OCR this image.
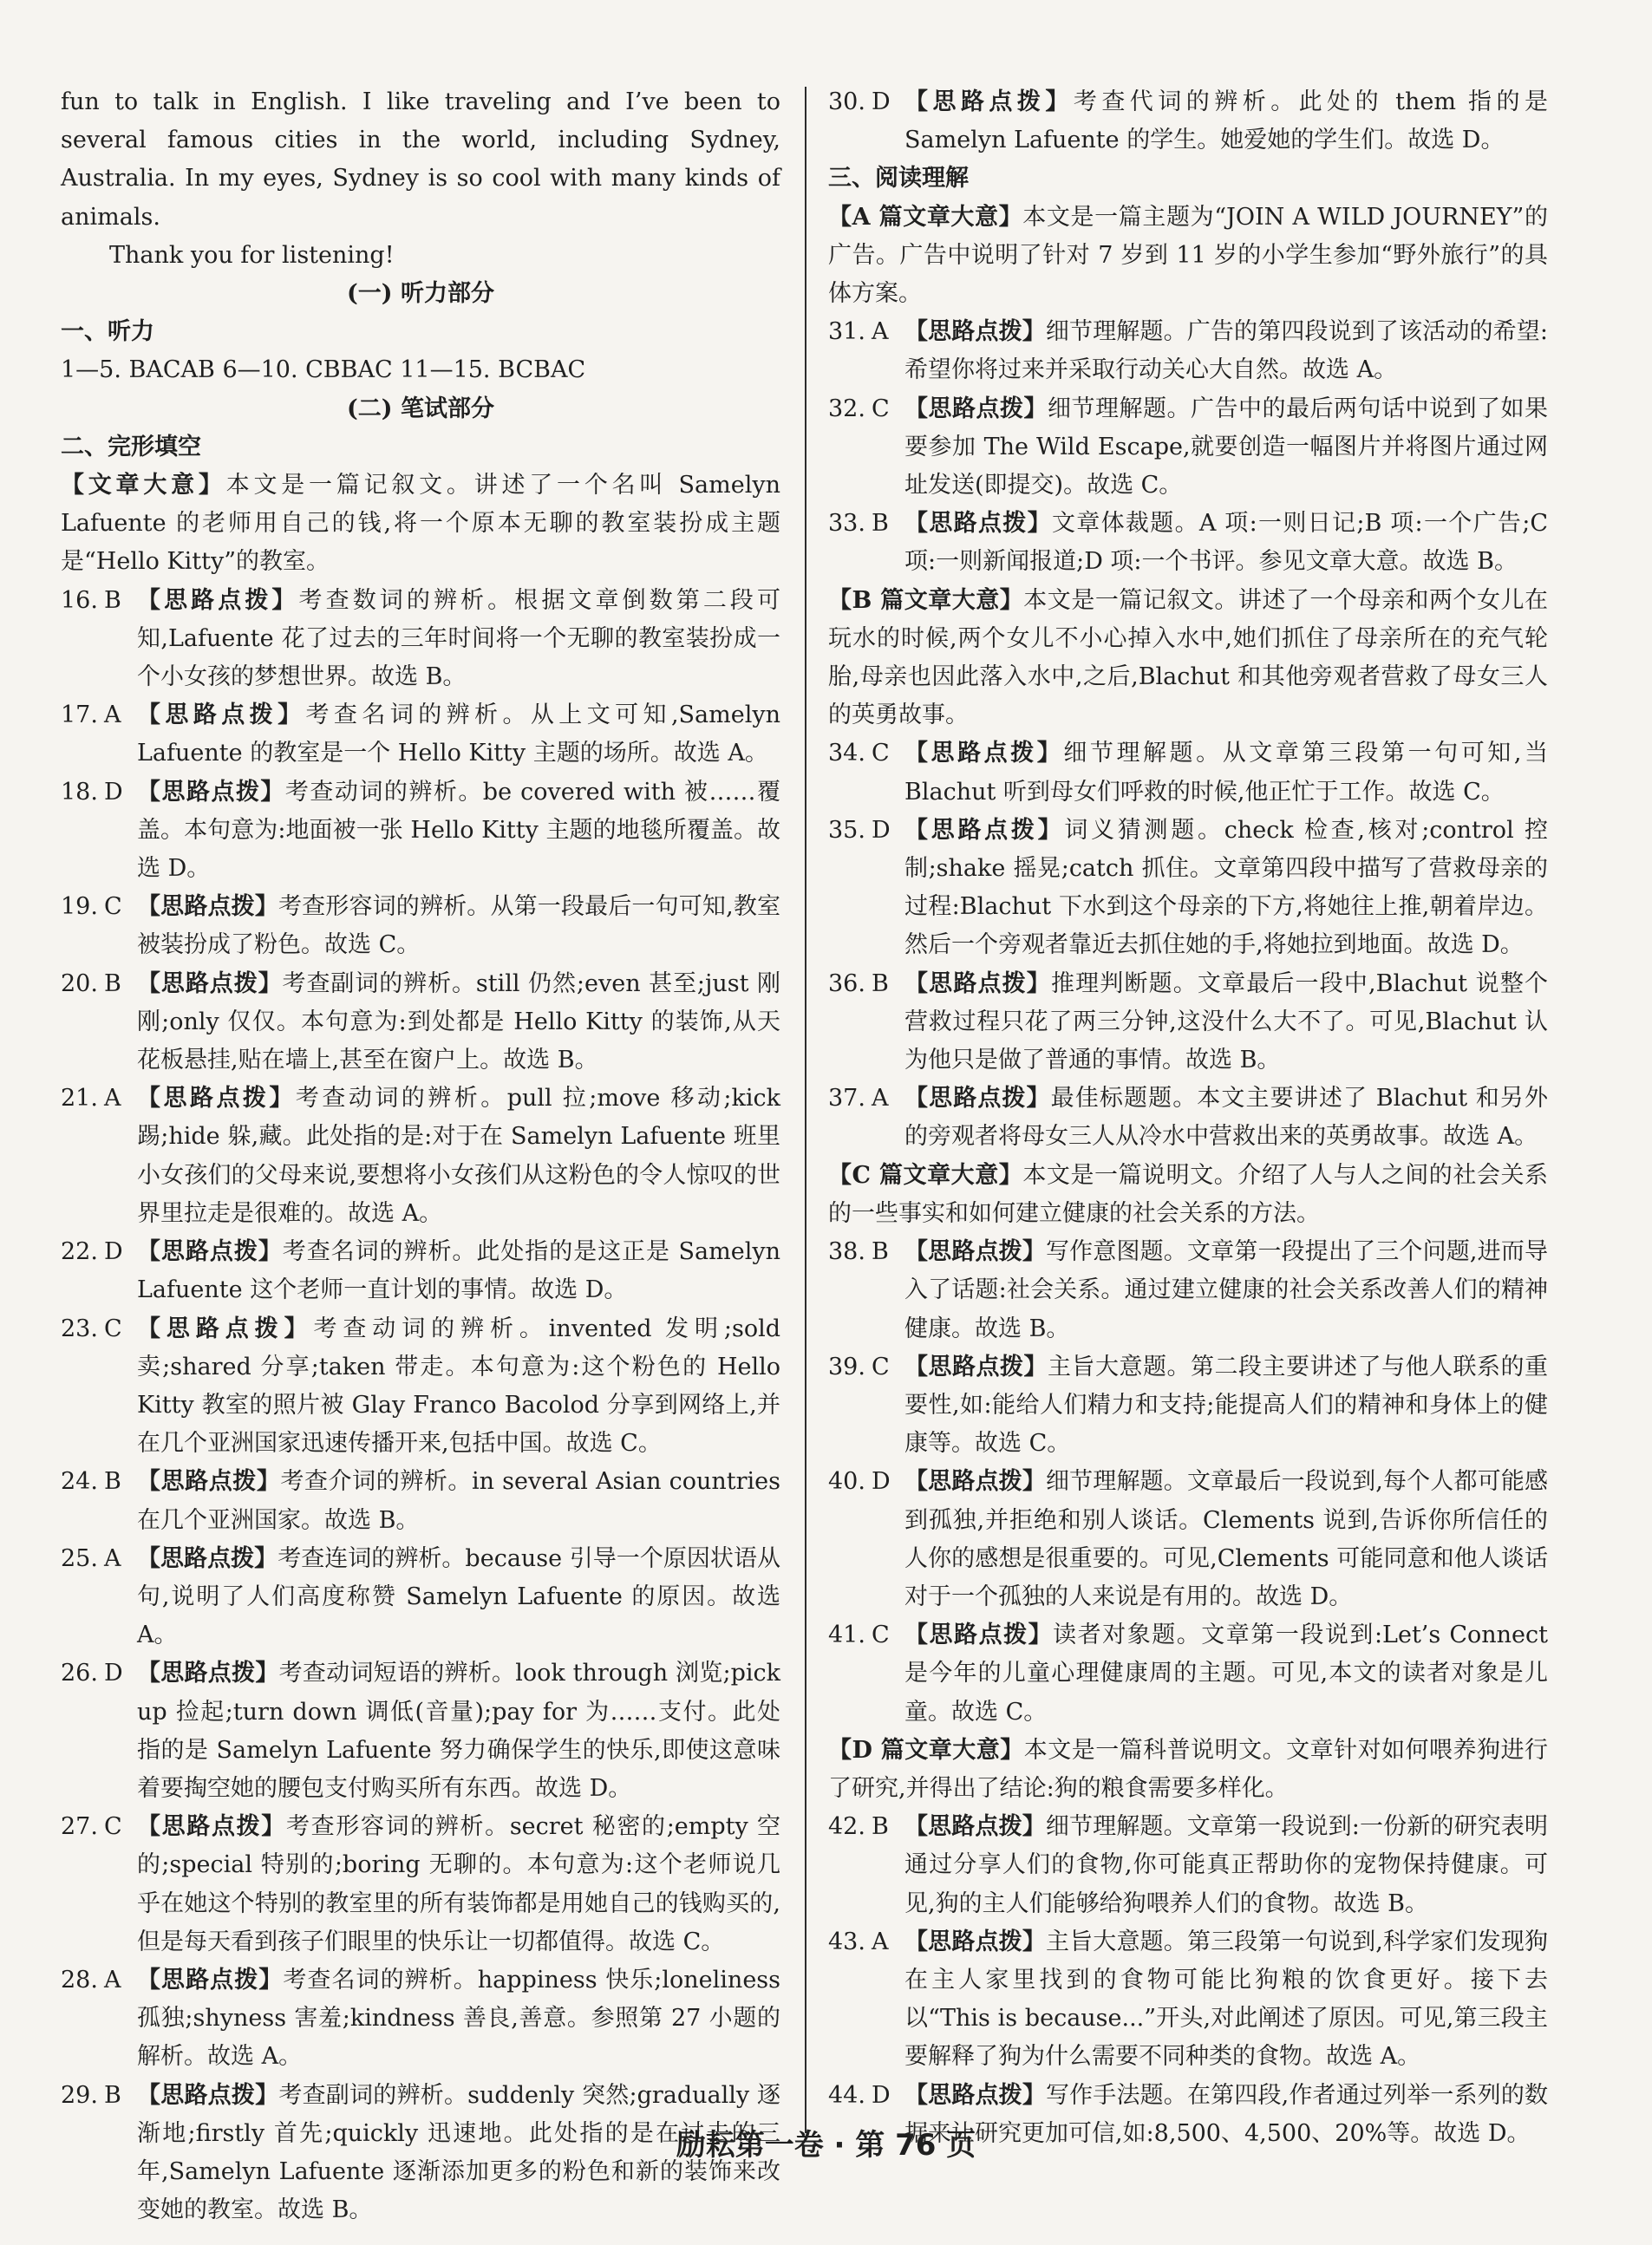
fun to talk in English. I like traveling and I’ve been to several famous cities in the world, including Sydney, Australia. In my eyes, Sydney is so cool with many kinds of animals.

Thank you for listening!

(一) 听力部分

一、听力

1—5. BACAB 6—10. CBBAC 11—15. BCBAC

(二) 笔试部分

二、完形填空

【文章大意】本文是一篇记叙文。讲述了一个名叫 Samelyn Lafuente 的老师用自己的钱,将一个原本无聊的教室装扮成主题是“Hello Kitty”的教室。

16. B 【思路点拨】考查数词的辨析。根据文章倒数第二段可知,Lafuente 花了过去的三年时间将一个无聊的教室装扮成一个小女孩的梦想世界。故选 B。
17. A 【思路点拨】考查名词的辨析。从上文可知,Samelyn Lafuente 的教室是一个 Hello Kitty 主题的场所。故选 A。
18. D 【思路点拨】考查动词的辨析。be covered with 被……覆盖。本句意为:地面被一张 Hello Kitty 主题的地毯所覆盖。故选 D。
19. C 【思路点拨】考查形容词的辨析。从第一段最后一句可知,教室被装扮成了粉色。故选 C。
20. B 【思路点拨】考查副词的辨析。still 仍然;even 甚至;just 刚刚;only 仅仅。本句意为:到处都是 Hello Kitty 的装饰,从天花板悬挂,贴在墙上,甚至在窗户上。故选 B。
21. A 【思路点拨】考查动词的辨析。pull 拉;move 移动;kick 踢;hide 躲,藏。此处指的是:对于在 Samelyn Lafuente 班里小女孩们的父母来说,要想将小女孩们从这粉色的令人惊叹的世界里拉走是很难的。故选 A。
22. D 【思路点拨】考查名词的辨析。此处指的是这正是 Samelyn Lafuente 这个老师一直计划的事情。故选 D。
23. C 【思路点拨】考查动词的辨析。invented 发明;sold 卖;shared 分享;taken 带走。本句意为:这个粉色的 Hello Kitty 教室的照片被 Glay Franco Bacolod 分享到网络上,并在几个亚洲国家迅速传播开来,包括中国。故选 C。
24. B 【思路点拨】考查介词的辨析。in several Asian countries 在几个亚洲国家。故选 B。
25. A 【思路点拨】考查连词的辨析。because 引导一个原因状语从句,说明了人们高度称赞 Samelyn Lafuente 的原因。故选 A。
26. D 【思路点拨】考查动词短语的辨析。look through 浏览;pick up 捡起;turn down 调低(音量);pay for 为……支付。此处指的是 Samelyn Lafuente 努力确保学生的快乐,即使这意味着要掏空她的腰包支付购买所有东西。故选 D。
27. C 【思路点拨】考查形容词的辨析。secret 秘密的;empty 空的;special 特别的;boring 无聊的。本句意为:这个老师说几乎在她这个特别的教室里的所有装饰都是用她自己的钱购买的,但是每天看到孩子们眼里的快乐让一切都值得。故选 C。
28. A 【思路点拨】考查名词的辨析。happiness 快乐;loneliness 孤独;shyness 害羞;kindness 善良,善意。参照第 27 小题的解析。故选 A。
29. B 【思路点拨】考查副词的辨析。suddenly 突然;gradually 逐渐地;firstly 首先;quickly 迅速地。此处指的是在过去的三年,Samelyn Lafuente 逐渐添加更多的粉色和新的装饰来改变她的教室。故选 B。
30. D 【思路点拨】考查代词的辨析。此处的 them 指的是 Samelyn Lafuente 的学生。她爱她的学生们。故选 D。

三、阅读理解

【A 篇文章大意】本文是一篇主题为“JOIN A WILD JOURNEY”的广告。广告中说明了针对 7 岁到 11 岁的小学生参加“野外旅行”的具体方案。

31. A 【思路点拨】细节理解题。广告的第四段说到了该活动的希望:希望你将过来并采取行动关心大自然。故选 A。
32. C 【思路点拨】细节理解题。广告中的最后两句话中说到了如果要参加 The Wild Escape,就要创造一幅图片并将图片通过网址发送(即提交)。故选 C。
33. B 【思路点拨】文章体裁题。A 项:一则日记;B 项:一个广告;C 项:一则新闻报道;D 项:一个书评。参见文章大意。故选 B。

【B 篇文章大意】本文是一篇记叙文。讲述了一个母亲和两个女儿在玩水的时候,两个女儿不小心掉入水中,她们抓住了母亲所在的充气轮胎,母亲也因此落入水中,之后,Blachut 和其他旁观者营救了母女三人的英勇故事。

34. C 【思路点拨】细节理解题。从文章第三段第一句可知,当 Blachut 听到母女们呼救的时候,他正忙于工作。故选 C。
35. D 【思路点拨】词义猜测题。check 检查,核对;control 控制;shake 摇晃;catch 抓住。文章第四段中描写了营救母亲的过程:Blachut 下水到这个母亲的下方,将她往上推,朝着岸边。然后一个旁观者靠近去抓住她的手,将她拉到地面。故选 D。
36. B 【思路点拨】推理判断题。文章最后一段中,Blachut 说整个营救过程只花了两三分钟,这没什么大不了。可见,Blachut 认为他只是做了普通的事情。故选 B。
37. A 【思路点拨】最佳标题题。本文主要讲述了 Blachut 和另外的旁观者将母女三人从冷水中营救出来的英勇故事。故选 A。

【C 篇文章大意】本文是一篇说明文。介绍了人与人之间的社会关系的一些事实和如何建立健康的社会关系的方法。

38. B 【思路点拨】写作意图题。文章第一段提出了三个问题,进而导入了话题:社会关系。通过建立健康的社会关系改善人们的精神健康。故选 B。
39. C 【思路点拨】主旨大意题。第二段主要讲述了与他人联系的重要性,如:能给人们精力和支持;能提高人们的精神和身体上的健康等。故选 C。
40. D 【思路点拨】细节理解题。文章最后一段说到,每个人都可能感到孤独,并拒绝和别人谈话。Clements 说到,告诉你所信任的人你的感想是很重要的。可见,Clements 可能同意和他人谈话对于一个孤独的人来说是有用的。故选 D。
41. C 【思路点拨】读者对象题。文章第一段说到:Let’s Connect 是今年的儿童心理健康周的主题。可见,本文的读者对象是儿童。故选 C。

【D 篇文章大意】本文是一篇科普说明文。文章针对如何喂养狗进行了研究,并得出了结论:狗的粮食需要多样化。

42. B 【思路点拨】细节理解题。文章第一段说到:一份新的研究表明通过分享人们的食物,你可能真正帮助你的宠物保持健康。可见,狗的主人们能够给狗喂养人们的食物。故选 B。
43. A 【思路点拨】主旨大意题。第三段第一句说到,科学家们发现狗在主人家里找到的食物可能比狗粮的饮食更好。接下去以“This is because...”开头,对此阐述了原因。可见,第三段主要解释了狗为什么需要不同种类的食物。故选 A。
44. D 【思路点拨】写作手法题。在第四段,作者通过列举一系列的数据来让研究更加可信,如:8,500、4,500、20%等。故选 D。
励耘第一卷 · 第 76 页
